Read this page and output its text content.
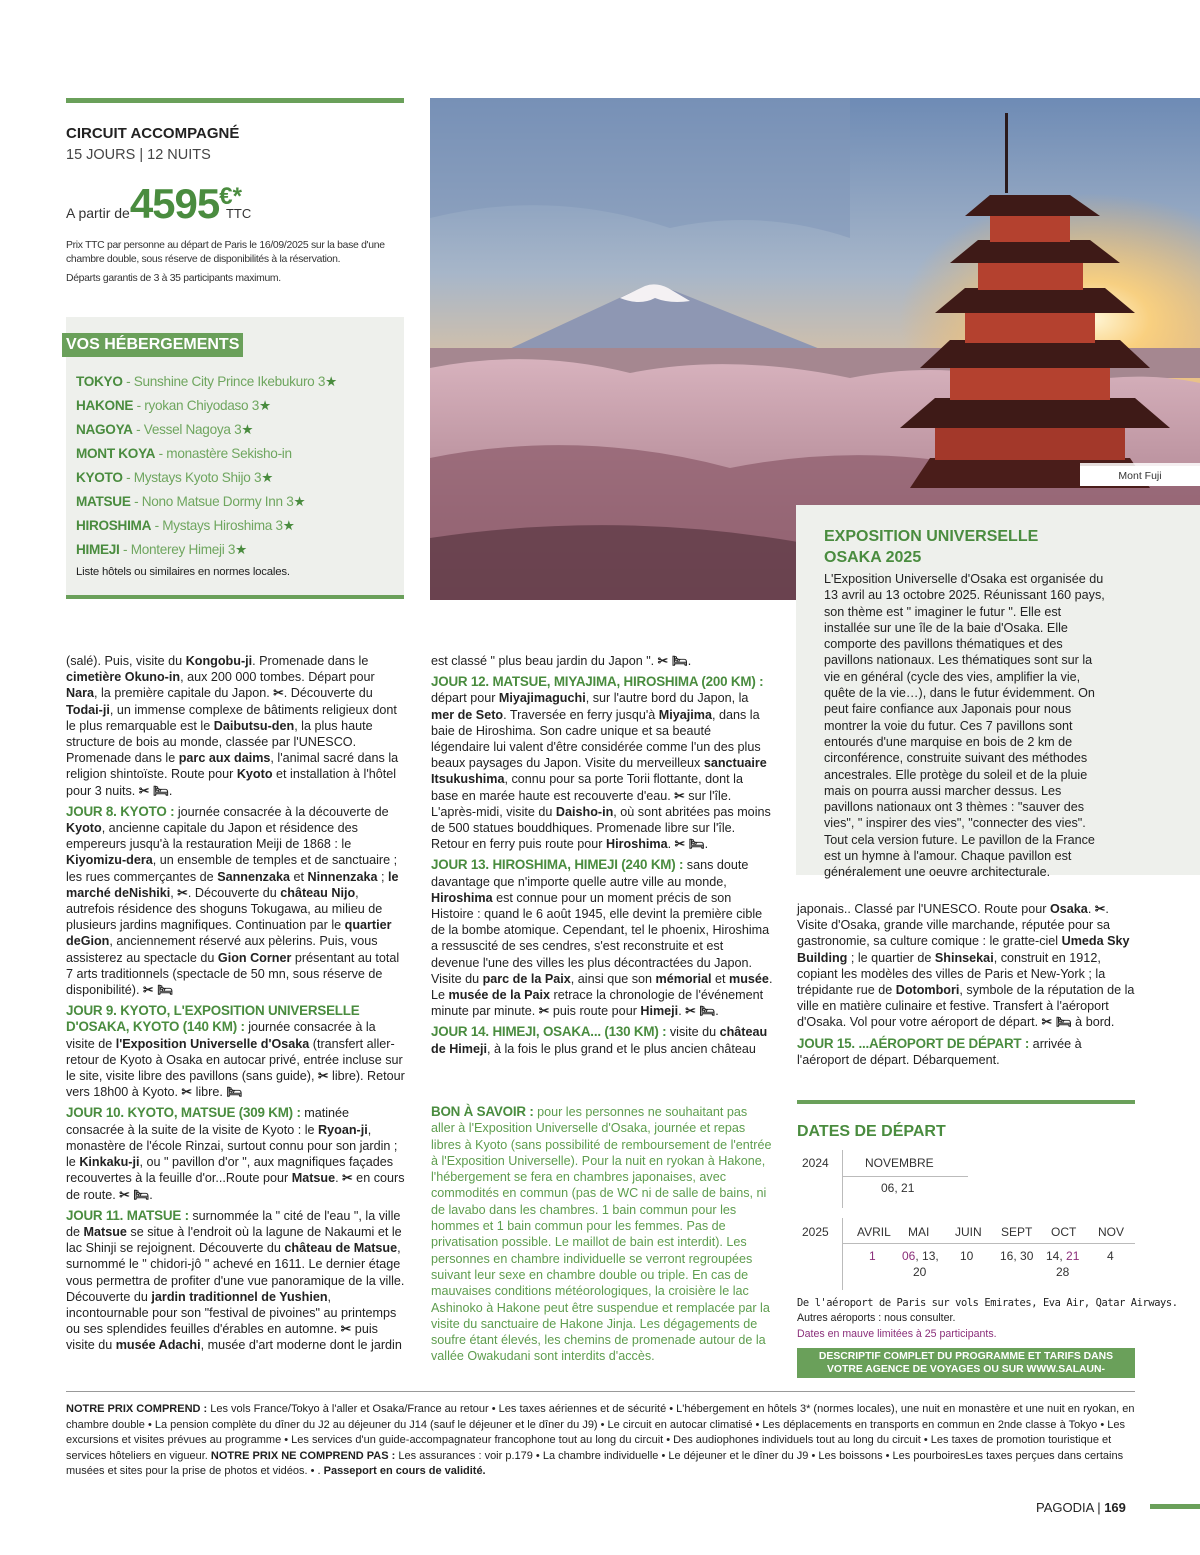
CIRCUIT ACCOMPAGNÉ
15 JOURS | 12 NUITS
A partir de4595€*TTC
Prix TTC par personne au départ de Paris le 16/09/2025 sur la base d'une chambre double, sous réserve de disponibilités à la réservation.
Départs garantis de 3 à 35 participants maximum.
VOS HÉBERGEMENTS
TOKYO - Sunshine City Prince Ikebukuro 3★
HAKONE - ryokan Chiyodaso 3★
NAGOYA - Vessel Nagoya 3★
MONT KOYA - monastère Sekisho-in
KYOTO - Mystays Kyoto Shijo 3★
MATSUE - Nono Matsue Dormy Inn 3★
HIROSHIMA - Mystays Hiroshima 3★
HIMEJI - Monterey Himeji 3★
Liste hôtels ou similaires en normes locales.
Mont Fuji
EXPOSITION UNIVERSELLE
OSAKA 2025
L'Exposition Universelle d'Osaka est organisée du 13 avril au 13 octobre 2025. Réunissant 160 pays, son thème est " imaginer le futur ". Elle est installée sur une île de la baie d'Osaka. Elle comporte des pavillons thématiques et des pavillons nationaux. Les thématiques sont sur la vie en général (cycle des vies, amplifier la vie, quête de la vie…), dans le futur évidemment. On peut faire confiance aux Japonais pour nous montrer la voie du futur. Ces 7 pavillons sont entourés d'une marquise en bois de 2 km de circonférence, construite suivant des méthodes ancestrales. Elle protège du soleil et de la pluie mais on pourra aussi marcher dessus. Les pavillons nationaux ont 3 thèmes : "sauver des vies", " inspirer des vies", "connecter des vies". Tout cela version future. Le pavillon de la France est un hymne à l'amour. Chaque pavillon est généralement une oeuvre architecturale.

(salé). Puis, visite du Kongobu-ji. Promenade dans le cimetière Okuno-in, aux 200 000 tombes. Départ pour Nara, la première capitale du Japon. ✂. Découverte du Todai-ji, un immense complexe de bâtiments religieux dont le plus remarquable est le Daibutsu-den, la plus haute structure de bois au monde, classée par l'UNESCO. Promenade dans le parc aux daims, l'animal sacré dans la religion shintoïste. Route pour Kyoto et installation à l'hôtel pour 3 nuits. ✂ 🛏.

JOUR 8. KYOTO : journée consacrée à la découverte de Kyoto, ancienne capitale du Japon et résidence des empereurs jusqu'à la restauration Meiji de 1868 : le Kiyomizu-dera, un ensemble de temples et de sanctuaire ; les rues commerçantes de Sannenzaka et Ninnenzaka ; le marché deNishiki, ✂. Découverte du château Nijo, autrefois résidence des shoguns Tokugawa, au milieu de plusieurs jardins magnifiques. Continuation par le quartier deGion, anciennement réservé aux pèlerins. Puis, vous assisterez au spectacle du Gion Corner présentant au total 7 arts traditionnels (spectacle de 50 mn, sous réserve de disponibilité). ✂ 🛏

JOUR 9. KYOTO, L'EXPOSITION UNIVERSELLE D'OSAKA, KYOTO (140 KM) : journée consacrée à la visite de l'Exposition Universelle d'Osaka (transfert aller-retour de Kyoto à Osaka en autocar privé, entrée incluse sur le site, visite libre des pavillons (sans guide), ✂ libre). Retour vers 18h00 à Kyoto. ✂ libre. 🛏

JOUR 10. KYOTO, MATSUE (309 KM) : matinée consacrée à la suite de la visite de Kyoto : le Ryoan-ji, monastère de l'école Rinzai, surtout connu pour son jardin ; le Kinkaku-ji, ou " pavillon d'or ", aux magnifiques façades recouvertes à la feuille d'or...Route pour Matsue. ✂ en cours de route. ✂ 🛏.

JOUR 11. MATSUE : surnommée la " cité de l'eau ", la ville de Matsue se situe à l'endroit où la lagune de Nakaumi et le lac Shinji se rejoignent. Découverte du château de Matsue, surnommé le " chidori-jô " achevé en 1611. Le dernier étage vous permettra de profiter d'une vue panoramique de la ville. Découverte du jardin traditionnel de Yushien, incontournable pour son "festival de pivoines" au printemps ou ses splendides feuilles d'érables en automne. ✂ puis visite du musée Adachi, musée d'art moderne dont le jardin

est classé " plus beau jardin du Japon ". ✂ 🛏.

JOUR 12. MATSUE, MIYAJIMA, HIROSHIMA (200 KM) : départ pour Miyajimaguchi, sur l'autre bord du Japon, la mer de Seto. Traversée en ferry jusqu'à Miyajima, dans la baie de Hiroshima. Son cadre unique et sa beauté légendaire lui valent d'être considérée comme l'un des plus beaux paysages du Japon. Visite du merveilleux sanctuaire Itsukushima, connu pour sa porte Torii flottante, dont la base en marée haute est recouverte d'eau. ✂ sur l'île. L'après-midi, visite du Daisho-in, où sont abritées pas moins de 500 statues bouddhiques. Promenade libre sur l'île. Retour en ferry puis route pour Hiroshima. ✂ 🛏.

JOUR 13. HIROSHIMA, HIMEJI (240 KM) : sans doute davantage que n'importe quelle autre ville au monde, Hiroshima est connue pour un moment précis de son Histoire : quand le 6 août 1945, elle devint la première cible de la bombe atomique. Cependant, tel le phoenix, Hiroshima a ressuscité de ses cendres, s'est reconstruite et est devenue l'une des villes les plus décontractées du Japon. Visite du parc de la Paix, ainsi que son mémorial et musée. Le musée de la Paix retrace la chronologie de l'événement minute par minute. ✂ puis route pour Himeji. ✂ 🛏.

JOUR 14. HIMEJI, OSAKA... (130 KM) : visite du château de Himeji, à la fois le plus grand et le plus ancien château

BON À SAVOIR : pour les personnes ne souhaitant pas aller à l'Exposition Universelle d'Osaka, journée et repas libres à Kyoto (sans possibilité de remboursement de l'entrée à l'Exposition Universelle). Pour la nuit en ryokan à Hakone, l'hébergement se fera en chambres japonaises, avec commodités en commun (pas de WC ni de salle de bains, ni de lavabo dans les chambres. 1 bain commun pour les hommes et 1 bain commun pour les femmes. Pas de privatisation possible. Le maillot de bain est interdit). Les personnes en chambre individuelle se verront regroupées suivant leur sexe en chambre double ou triple. En cas de mauvaises conditions météorologiques, la croisière le lac Ashinoko à Hakone peut être suspendue et remplacée par la visite du sanctuaire de Hakone Jinja. Les dégagements de soufre étant élevés, les chemins de promenade autour de la vallée Owakudani sont interdits d'accès.

japonais.. Classé par l'UNESCO. Route pour Osaka. ✂. Visite d'Osaka, grande ville marchande, réputée pour sa gastronomie, sa culture comique : le gratte-ciel Umeda Sky Building ; le quartier de Shinsekai, construit en 1912, copiant les modèles des villes de Paris et New-York ; la trépidante rue de Dotombori, symbole de la réputation de la ville en matière culinaire et festive. Transfert à l'aéroport d'Osaka. Vol pour votre aéroport de départ. ✂ 🛏 à bord.

JOUR 15. ...AÉROPORT DE DÉPART : arrivée à l'aéroport de départ. Débarquement.

DATES DE DÉPART
2024	NOVEMBRE
06, 21
2025 AVRIL MAI JUIN SEPT OCT NOV
1 06, 13,
20
10 16, 30 14, 21
28
4
De l'aéroport de Paris sur vols Emirates, Eva Air, Qatar Airways.
Autres aéroports : nous consulter.
Dates en mauve limitées à 25 participants.
DESCRIPTIF COMPLET DU PROGRAMME ET TARIFS DANS
VOTRE AGENCE DE VOYAGES OU SUR WWW.SALAUN-HOLIDAYS.COM
NOTRE PRIX COMPREND : Les vols France/Tokyo à l'aller et Osaka/France au retour • Les taxes aériennes et de sécurité • L'hébergement en hôtels 3* (normes locales), une nuit en monastère et une nuit en ryokan, en chambre double • La pension complète du dîner du J2 au déjeuner du J14 (sauf le déjeuner et le dîner du J9) • Le circuit en autocar climatisé • Les déplacements en transports en commun en 2nde classe à Tokyo • Les excursions et visites prévues au programme • Les services d'un guide-accompagnateur francophone tout au long du circuit • Des audiophones individuels tout au long du circuit • Les taxes de promotion touristique et services hôteliers en vigueur. NOTRE PRIX NE COMPREND PAS : Les assurances : voir p.179 • La chambre individuelle • Le déjeuner et le dîner du J9 • Les boissons • Les pourboiresLes taxes perçues dans certains musées et sites pour la prise de photos et vidéos. • . Passeport en cours de validité.
PAGODIA | 169
